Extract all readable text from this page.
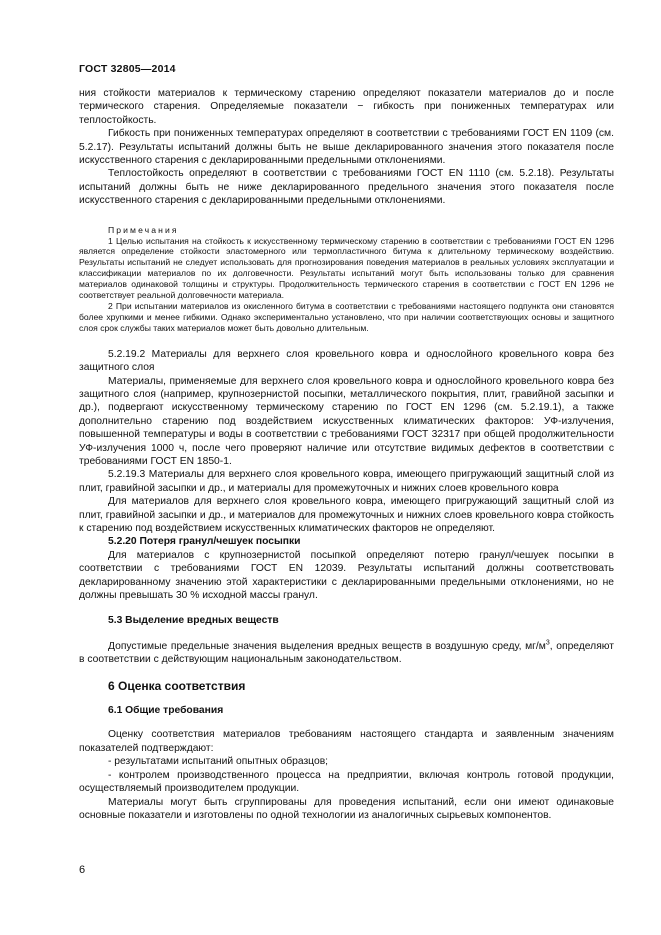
ГОСТ 32805—2014

ния стойкости материалов к термическому старению определяют показатели материалов до и после термического старения. Определяемые показатели − гибкость при пониженных температурах или теплостойкость.

Гибкость при пониженных температурах определяют в соответствии с требованиями ГОСТ EN 1109 (см. 5.2.17). Результаты испытаний должны быть не выше декларированного значения этого показателя после искусственного старения с декларированными предельными отклонениями.

Теплостойкость определяют в соответствии с требованиями ГОСТ EN 1110 (см. 5.2.18). Результаты испытаний должны быть не ниже декларированного предельного значения этого показателя после искусственного старения с декларированными предельными отклонениями.

Примечания

1 Целью испытания на стойкость к искусственному термическому старению в соответствии с требованиями ГОСТ EN 1296 является определение стойкости эластомерного или термопластичного битума к длительному термическому воздействию. Результаты испытаний не следует использовать для прогнозирования поведения материалов в реальных условиях эксплуатации и классификации материалов по их долговечности. Результаты испытаний могут быть использованы только для сравнения материалов одинаковой толщины и структуры. Продолжительность термического старения в соответствии с ГОСТ EN 1296 не соответствует реальной долговечности материала.

2 При испытании материалов из окисленного битума в соответствии с требованиями настоящего подпункта они становятся более хрупкими и менее гибкими. Однако экспериментально установлено, что при наличии соответствующих основы и защитного слоя срок службы таких материалов может быть довольно длительным.

5.2.19.2 Материалы для верхнего слоя кровельного ковра и однослойного кровельного ковра без защитного слоя

Материалы, применяемые для верхнего слоя кровельного ковра и однослойного кровельного ковра без защитного слоя (например, крупнозернистой посыпки, металлического покрытия, плит, гравийной засыпки и др.), подвергают искусственному термическому старению по ГОСТ EN 1296 (см. 5.2.19.1), а также дополнительно старению под воздействием искусственных климатических факторов: УФ-излучения, повышенной температуры и воды в соответствии с требованиями ГОСТ 32317 при общей продолжительности УФ-излучения 1000 ч, после чего проверяют наличие или отсутствие видимых дефектов в соответствии с требованиями ГОСТ EN 1850-1.

5.2.19.3 Материалы для верхнего слоя кровельного ковра, имеющего пригружающий защитный слой из плит, гравийной засыпки и др., и материалы для промежуточных и нижних слоев кровельного ковра

Для материалов для верхнего слоя кровельного ковра, имеющего пригружающий защитный слой из плит, гравийной засыпки и др., и материалов для промежуточных и нижних слоев кровельного ковра стойкость к старению под воздействием искусственных климатических факторов не определяют.

5.2.20 Потеря гранул/чешуек посыпки

Для материалов с крупнозернистой посыпкой определяют потерю гранул/чешуек посыпки в соответствии с требованиями ГОСТ EN 12039. Результаты испытаний должны соответствовать декларированному значению этой характеристики с декларированными предельными отклонениями, но не должны превышать 30 % исходной массы гранул.

5.3 Выделение вредных веществ

Допустимые предельные значения выделения вредных веществ в воздушную среду, $мг/м^3$, определяют в соответствии с действующим национальным законодательством.

6 Оценка соответствия

6.1 Общие требования

Оценку соответствия материалов требованиям настоящего стандарта и заявленным значениям показателей подтверждают:

- результатами испытаний опытных образцов;

- контролем производственного процесса на предприятии, включая контроль готовой продукции, осуществляемый производителем продукции.

Материалы могут быть сгруппированы для проведения испытаний, если они имеют одинаковые основные показатели и изготовлены по одной технологии из аналогичных сырьевых компонентов.

6
